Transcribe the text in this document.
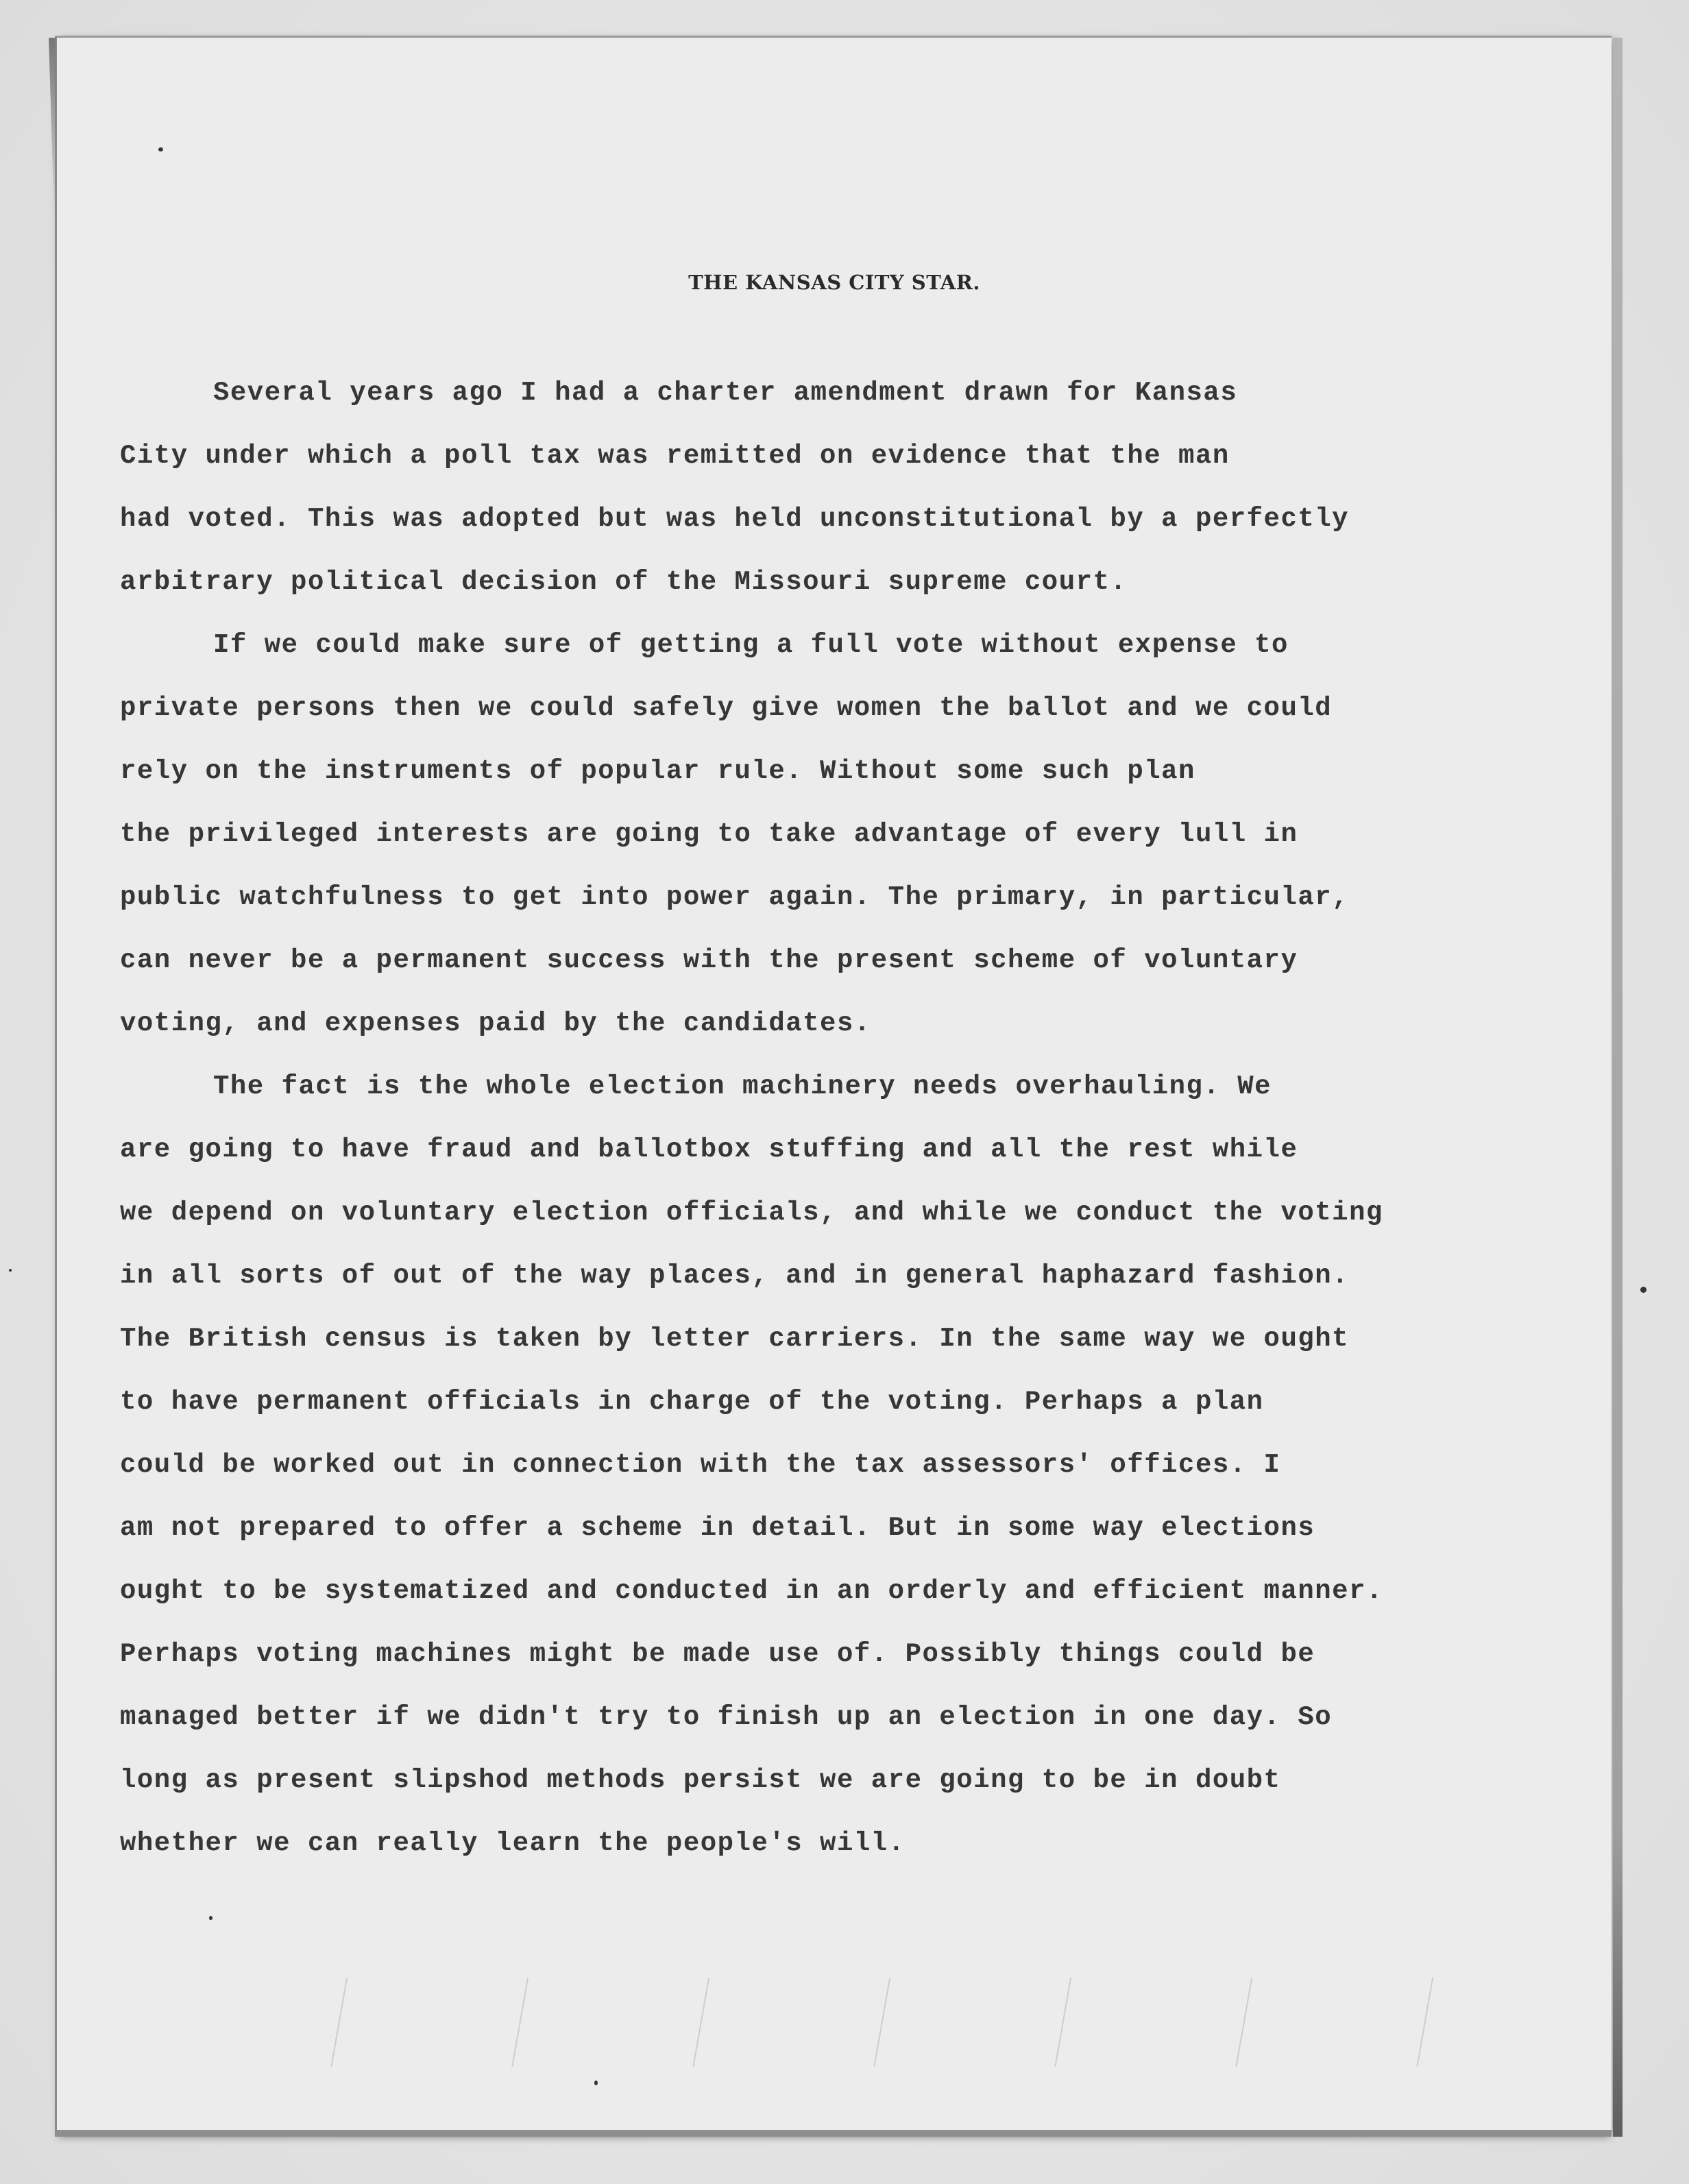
THE KANSAS CITY STAR.
Several years ago I had a charter amendment drawn for Kansas
City under which a poll tax was remitted on evidence that the man
had voted. This was adopted but was held unconstitutional by a perfectly
arbitrary political decision of the Missouri supreme court.
If we could make sure of getting a full vote without expense to
private persons then we could safely give women the ballot and we could
rely on the instruments of popular rule. Without some such plan
the privileged interests are going to take advantage of every lull in
public watchfulness to get into power again. The primary, in particular,
can never be a permanent success with the present scheme of voluntary
voting, and expenses paid by the candidates.
The fact is the whole election machinery needs overhauling. We
are going to have fraud and ballotbox stuffing and all the rest while
we depend on voluntary election officials, and while we conduct the voting
in all sorts of out of the way places, and in general haphazard fashion.
The British census is taken by letter carriers. In the same way we ought
to have permanent officials in charge of the voting. Perhaps a plan
could be worked out in connection with the tax assessors' offices. I
am not prepared to offer a scheme in detail. But in some way elections
ought to be systematized and conducted in an orderly and efficient manner.
Perhaps voting machines might be made use of. Possibly things could be
managed better if we didn't try to finish up an election in one day. So
long as present slipshod methods persist we are going to be in doubt
whether we can really learn the people's will.
